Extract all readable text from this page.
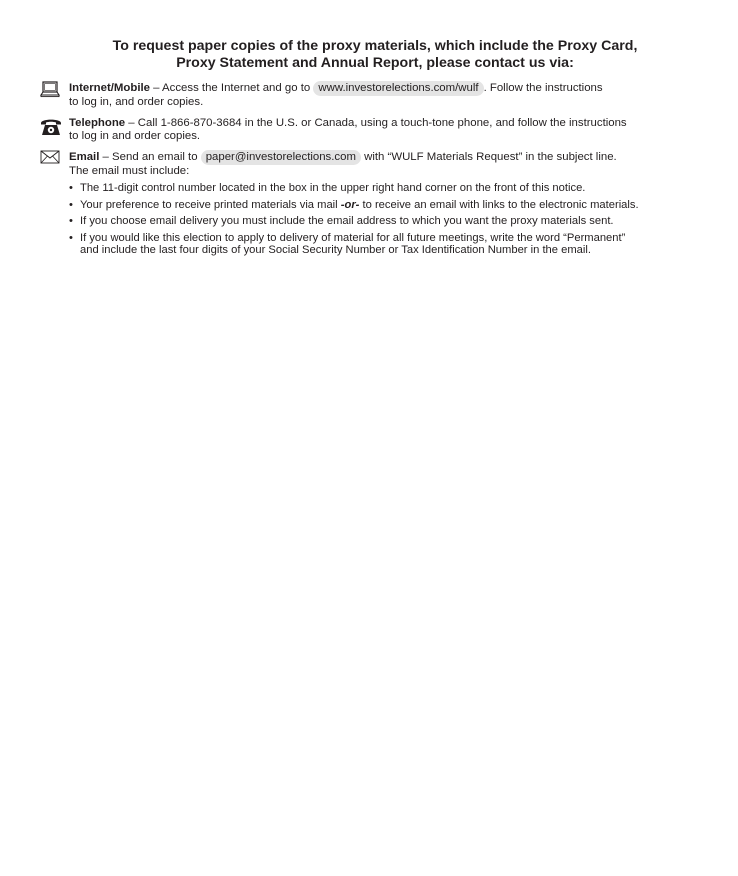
To request paper copies of the proxy materials, which include the Proxy Card,
Proxy Statement and Annual Report, please contact us via:
Internet/Mobile – Access the Internet and go to www.investorelections.com/wulf . Follow the instructions
to log in, and order copies.
Telephone – Call 1-866-870-3684 in the U.S. or Canada, using a touch-tone phone, and follow the instructions
to log in and order copies.
Email – Send an email to paper@investorelections.com with “WULF Materials Request” in the subject line.
The email must include:
• The 11-digit control number located in the box in the upper right hand corner on the front of this notice.
• Your preference to receive printed materials via mail -or- to receive an email with links to the electronic materials.
• If you choose email delivery you must include the email address to which you want the proxy materials sent.
• If you would like this election to apply to delivery of material for all future meetings, write the word “Permanent”
and include the last four digits of your Social Security Number or Tax Identification Number in the email.
